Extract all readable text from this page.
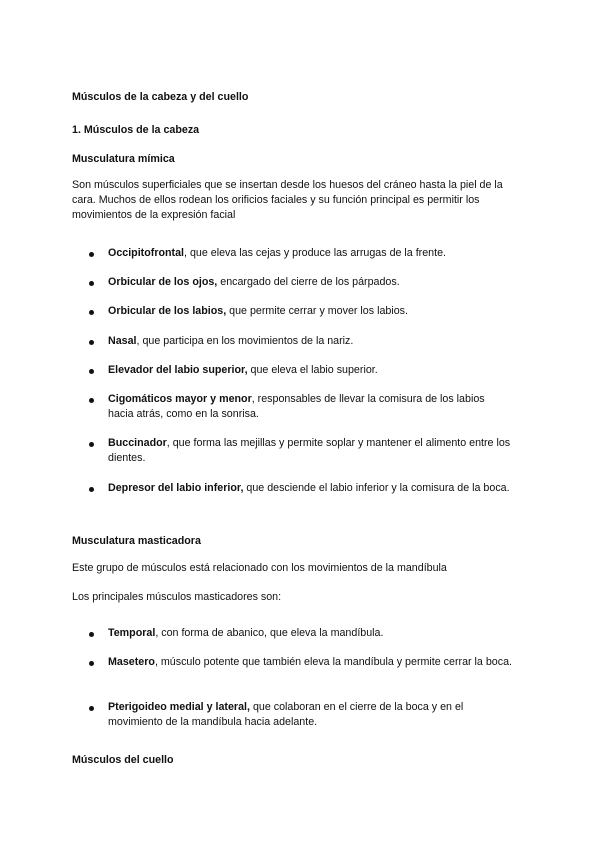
Músculos de la cabeza y del cuello
1. Músculos de la cabeza
Musculatura mímica
Son músculos superficiales que se insertan desde los huesos del cráneo hasta la piel de la cara. Muchos de ellos rodean los orificios faciales y su función principal es permitir los movimientos de la expresión facial
Occipitofrontal, que eleva las cejas y produce las arrugas de la frente.
Orbicular de los ojos, encargado del cierre de los párpados.
Orbicular de los labios, que permite cerrar y mover los labios.
Nasal, que participa en los movimientos de la nariz.
Elevador del labio superior, que eleva el labio superior.
Cigomáticos mayor y menor, responsables de llevar la comisura de los labios hacia atrás, como en la sonrisa.
Buccinador, que forma las mejillas y permite soplar y mantener el alimento entre los dientes.
Depresor del labio inferior, que desciende el labio inferior y la comisura de la boca.
Musculatura masticadora
Este grupo de músculos está relacionado con los movimientos de la mandíbula
Los principales músculos masticadores son:
Temporal, con forma de abanico, que eleva la mandíbula.
Masetero, músculo potente que también eleva la mandíbula y permite cerrar la boca.
Pterigoideo medial y lateral, que colaboran en el cierre de la boca y en el movimiento de la mandíbula hacia adelante.
Músculos del cuello
